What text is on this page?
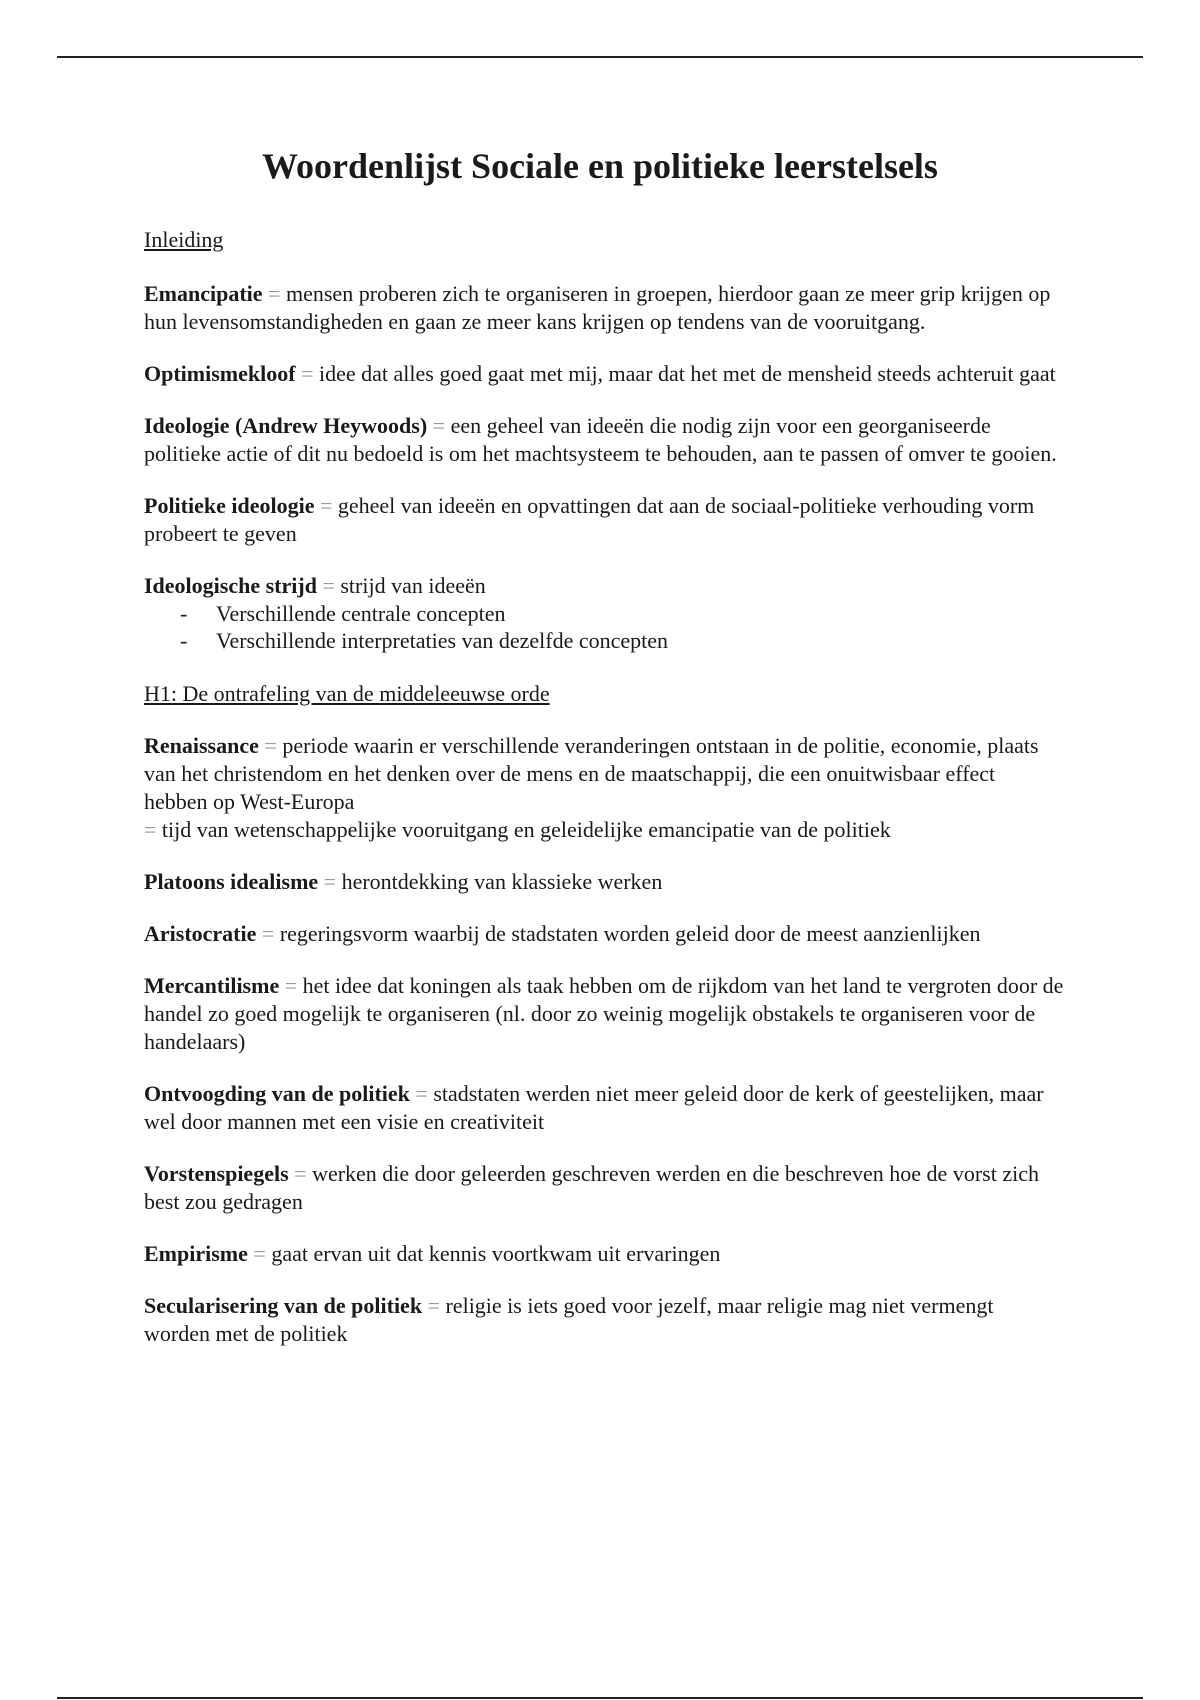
Woordenlijst Sociale en politieke leerstelsels

Inleiding

Emancipatie = mensen proberen zich te organiseren in groepen, hierdoor gaan ze meer grip krijgen op hun levensomstandigheden en gaan ze meer kans krijgen op tendens van de vooruitgang.

Optimismekloof = idee dat alles goed gaat met mij, maar dat het met de mensheid steeds achteruit gaat

Ideologie (Andrew Heywoods) = een geheel van ideeën die nodig zijn voor een georganiseerde politieke actie of dit nu bedoeld is om het machtsysteem te behouden, aan te passen of omver te gooien.

Politieke ideologie = geheel van ideeën en opvattingen dat aan de sociaal-politieke verhouding vorm probeert te geven

Ideologische strijd = strijd van ideeën

- Verschillende centrale concepten
- Verschillende interpretaties van dezelfde concepten

H1: De ontrafeling van de middeleeuwse orde

Renaissance = periode waarin er verschillende veranderingen ontstaan in de politie, economie, plaats van het christendom en het denken over de mens en de maatschappij, die een onuitwisbaar effect hebben op West-Europa
= tijd van wetenschappelijke vooruitgang en geleidelijke emancipatie van de politiek

Platoons idealisme = herontdekking van klassieke werken

Aristocratie = regeringsvorm waarbij de stadstaten worden geleid door de meest aanzienlijken

Mercantilisme = het idee dat koningen als taak hebben om de rijkdom van het land te vergroten door de handel zo goed mogelijk te organiseren (nl. door zo weinig mogelijk obstakels te organiseren voor de handelaars)

Ontvoogding van de politiek = stadstaten werden niet meer geleid door de kerk of geestelijken, maar wel door mannen met een visie en creativiteit

Vorstenspiegels = werken die door geleerden geschreven werden en die beschreven hoe de vorst zich best zou gedragen

Empirisme = gaat ervan uit dat kennis voortkwam uit ervaringen

Secularisering van de politiek = religie is iets goed voor jezelf, maar religie mag niet vermengt worden met de politiek
